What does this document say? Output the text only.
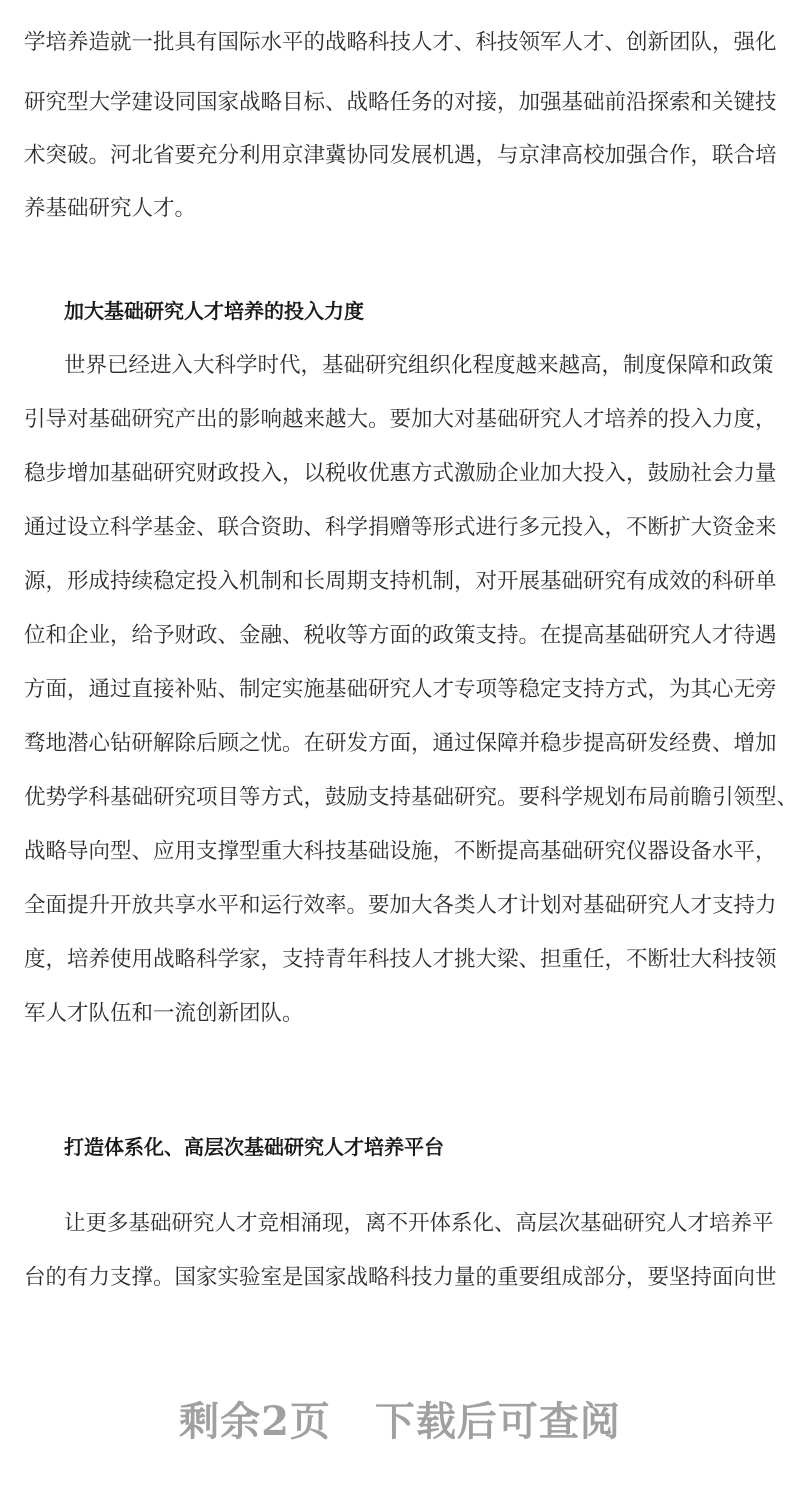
学培养造就一批具有国际水平的战略科技人才、科技领军人才、创新团队，强化
研究型大学建设同国家战略目标、战略任务的对接，加强基础前沿探索和关键技
术突破。河北省要充分利用京津冀协同发展机遇，与京津高校加强合作，联合培
养基础研究人才。
加大基础研究人才培养的投入力度
世界已经进入大科学时代，基础研究组织化程度越来越高，制度保障和政策
引导对基础研究产出的影响越来越大。要加大对基础研究人才培养的投入力度，
稳步增加基础研究财政投入，以税收优惠方式激励企业加大投入，鼓励社会力量
通过设立科学基金、联合资助、科学捐赠等形式进行多元投入，不断扩大资金来
源，形成持续稳定投入机制和长周期支持机制，对开展基础研究有成效的科研单
位和企业，给予财政、金融、税收等方面的政策支持。在提高基础研究人才待遇
方面，通过直接补贴、制定实施基础研究人才专项等稳定支持方式，为其心无旁
骛地潜心钻研解除后顾之忧。在研发方面，通过保障并稳步提高研发经费、增加
优势学科基础研究项目等方式，鼓励支持基础研究。要科学规划布局前瞻引领型、
战略导向型、应用支撑型重大科技基础设施，不断提高基础研究仪器设备水平，
全面提升开放共享水平和运行效率。要加大各类人才计划对基础研究人才支持力
度，培养使用战略科学家，支持青年科技人才挑大梁、担重任，不断壮大科技领
军人才队伍和一流创新团队。
打造体系化、高层次基础研究人才培养平台
让更多基础研究人才竞相涌现，离不开体系化、高层次基础研究人才培养平
台的有力支撑。国家实验室是国家战略科技力量的重要组成部分，要坚持面向世
剩余2页 下载后可查阅
